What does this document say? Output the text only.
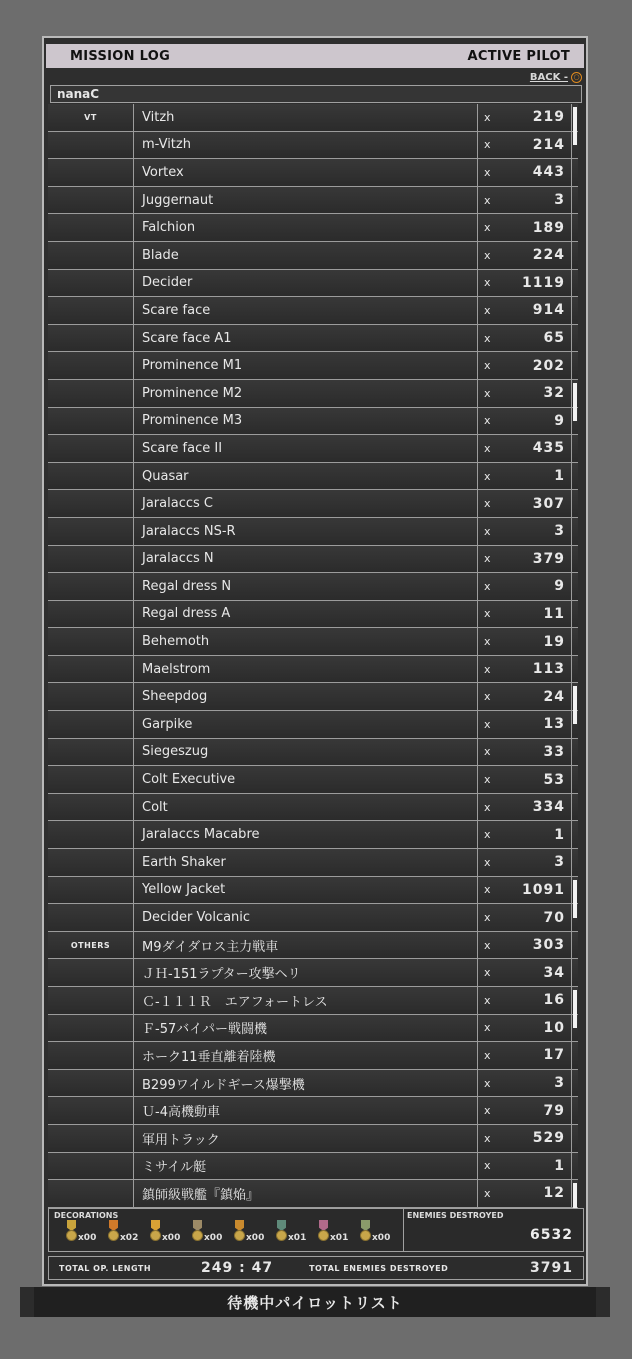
MISSION LOG	ACTIVE PILOT
BACK - ○
nanaC
VT	Vitzh	x	219
m-Vitzh	x	214
Vortex	x	443
Juggernaut	x	3
Falchion	x	189
Blade	x	224
Decider	x	1119
Scare face	x	914
Scare face A1	x	65
Prominence M1	x	202
Prominence M2	x	32
Prominence M3	x	9
Scare face II	x	435
Quasar	x	1
Jaralaccs C	x	307
Jaralaccs NS-R	x	3
Jaralaccs N	x	379
Regal dress N	x	9
Regal dress A	x	11
Behemoth	x	19
Maelstrom	x	113
Sheepdog	x	24
Garpike	x	13
Siegeszug	x	33
Colt Executive	x	53
Colt	x	334
Jaralaccs Macabre	x	1
Earth Shaker	x	3
Yellow Jacket	x	1091
Decider Volcanic	x	70
OTHERS	M9ダイダロス主力戦車	x	303
ＪＨ-151ラプター攻撃ヘリ	x	34
Ｃ-１１１Ｒ　エアフォートレス	x	16
Ｆ-57バイパー戦闘機	x	10
ホーク11垂直離着陸機	x	17
B299ワイルドギース爆撃機	x	3
Ｕ-4高機動車	x	79
軍用トラック	x	529
ミサイル艇	x	1
鎮師級戦艦『鎮焔』	x	12
DECORATIONS
x00	x02	x00	x00	x00	x01	x01	x00
ENEMIES DESTROYED
6532
TOTAL OP. LENGTH	249 : 47	TOTAL ENEMIES DESTROYED	3791
待機中パイロットリスト
